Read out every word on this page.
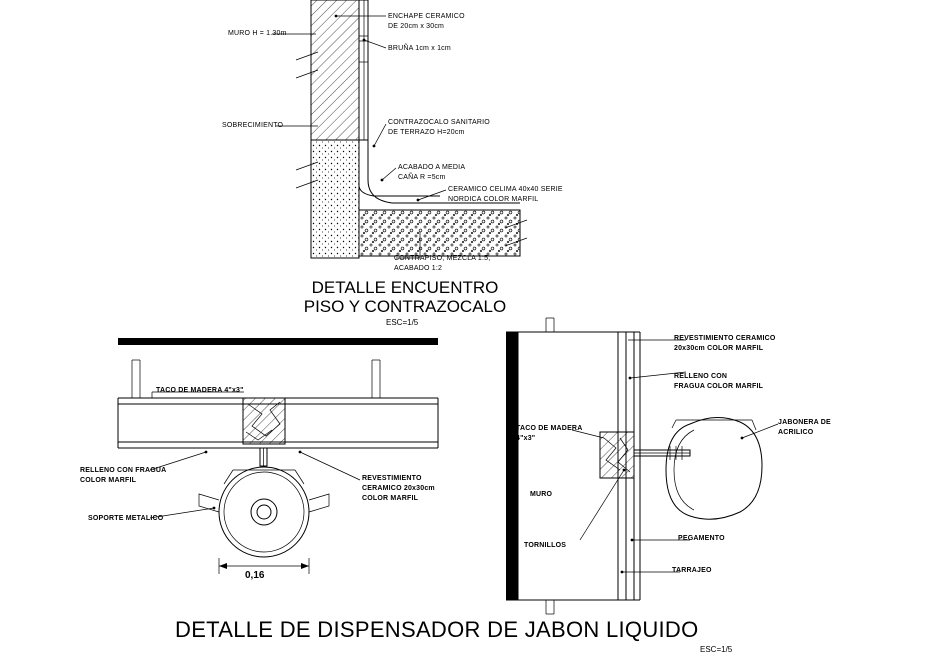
ENCHAPE CERAMICO
DE 20cm x 30cm
BRUÑA 1cm x 1cm
MURO H = 1.30m
SOBRECIMIENTO	CONTRAZOCALO SANITARIO
DE TERRAZO H=20cm
ACABADO A MEDIA
CAÑA R =5cm
CERAMICO CELIMA 40x40 SERIE
NORDICA COLOR MARFIL
CONTRAPISO, MEZCLA 1:5,
ACABADO 1:2
DETALLE ENCUENTRO
PISO Y CONTRAZOCALO
ESC=1/5
TACO DE MADERA 4"x3"
RELLENO CON FRAGUA
COLOR MARFIL
SOPORTE METALICO
REVESTIMIENTO
CERAMICO 20x30cm
COLOR MARFIL
0,16
REVESTIMIENTO CERAMICO
20x30cm COLOR MARFIL
RELLENO CON
FRAGUA COLOR MARFIL
JABONERA DE
ACRILICO
TACO DE MADERA
4"x3"
MURO
TORNILLOS
PEGAMENTO
TARRAJEO
DETALLE DE DISPENSADOR DE JABON LIQUIDO
ESC=1/5
